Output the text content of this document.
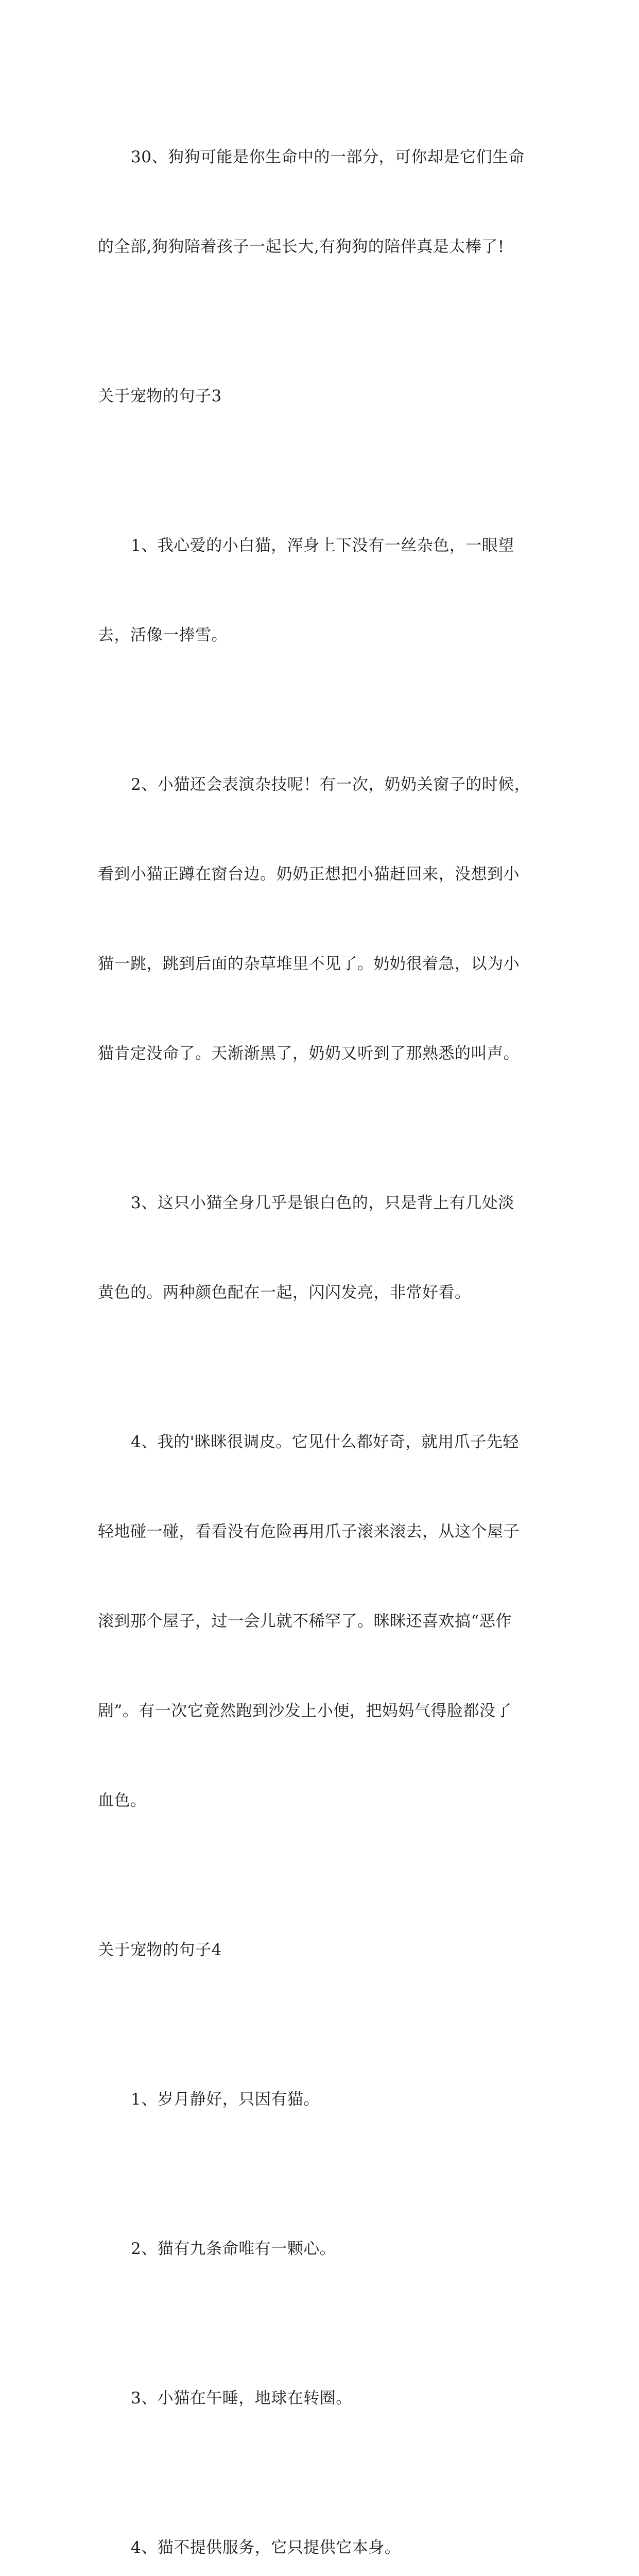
30、狗狗可能是你生命中的一部分，可你却是它们生命

的全部,狗狗陪着孩子一起长大,有狗狗的陪伴真是太棒了!

关于宠物的句子3

1、我心爱的小白猫，浑身上下没有一丝杂色，一眼望

去，活像一捧雪。

2、小猫还会表演杂技呢！有一次，奶奶关窗子的时候，

看到小猫正蹲在窗台边。奶奶正想把小猫赶回来，没想到小

猫一跳，跳到后面的杂草堆里不见了。奶奶很着急，以为小

猫肯定没命了。天渐渐黑了，奶奶又听到了那熟悉的叫声。

3、这只小猫全身几乎是银白色的，只是背上有几处淡

黄色的。两种颜色配在一起，闪闪发亮，非常好看。

4、我的'眯眯很调皮。它见什么都好奇，就用爪子先轻

轻地碰一碰，看看没有危险再用爪子滚来滚去，从这个屋子

滚到那个屋子，过一会儿就不稀罕了。眯眯还喜欢搞“恶作

剧”。有一次它竟然跑到沙发上小便，把妈妈气得脸都没了

血色。

关于宠物的句子4

1、岁月静好，只因有猫。

2、猫有九条命唯有一颗心。

3、小猫在午睡，地球在转圈。

4、猫不提供服务，它只提供它本身。
